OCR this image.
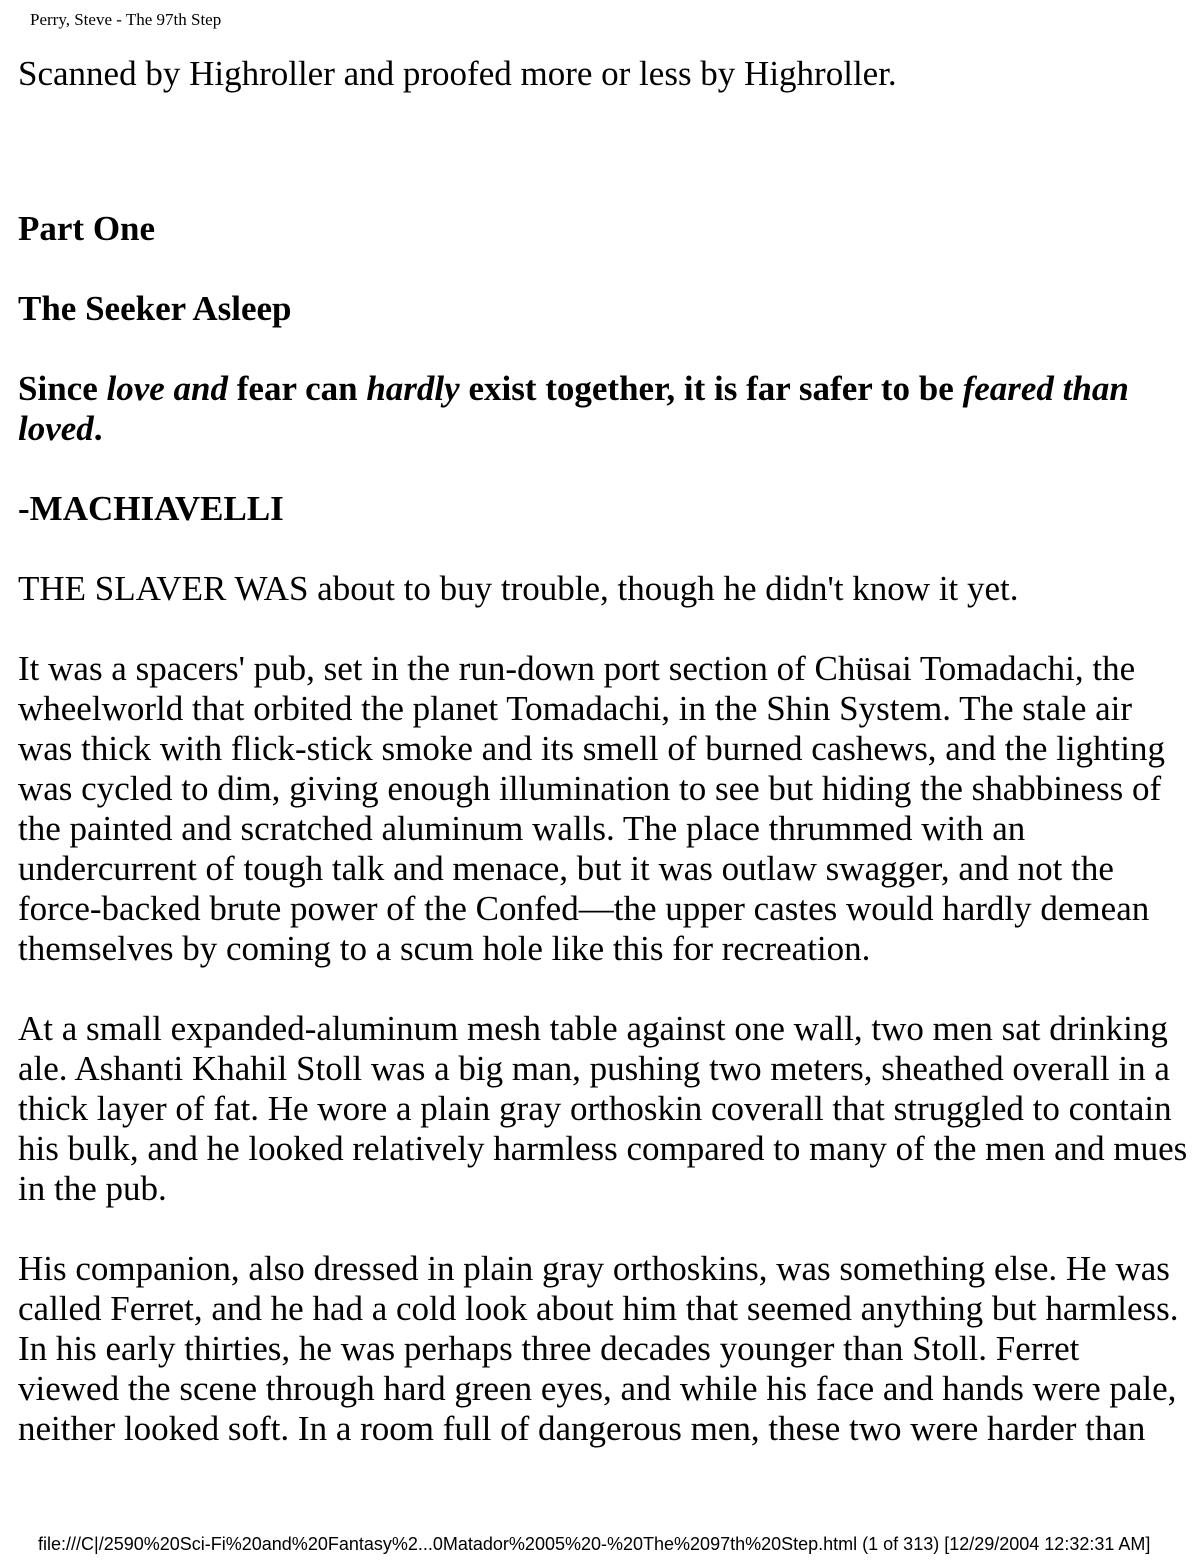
Perry, Steve - The 97th Step

Scanned by Highroller and proofed more or less by Highroller.

Part One
The Seeker Asleep

Since love and fear can hardly exist together, it is far safer to be feared than loved.

-MACHIAVELLI

THE SLAVER WAS about to buy trouble, though he didn't know it yet.

It was a spacers' pub, set in the run-down port section of Chüsai Tomadachi, the wheelworld that orbited the planet Tomadachi, in the Shin System. The stale air was thick with flick-stick smoke and its smell of burned cashews, and the lighting was cycled to dim, giving enough illumination to see but hiding the shabbiness of the painted and scratched aluminum walls. The place thrummed with an undercurrent of tough talk and menace, but it was outlaw swagger, and not the force-backed brute power of the Confed—the upper castes would hardly demean themselves by coming to a scum hole like this for recreation.

At a small expanded-aluminum mesh table against one wall, two men sat drinking ale. Ashanti Khahil Stoll was a big man, pushing two meters, sheathed overall in a thick layer of fat. He wore a plain gray orthoskin coverall that struggled to contain his bulk, and he looked relatively harmless compared to many of the men and mues in the pub.

His companion, also dressed in plain gray orthoskins, was something else. He was called Ferret, and he had a cold look about him that seemed anything but harmless. In his early thirties, he was perhaps three decades younger than Stoll. Ferret viewed the scene through hard green eyes, and while his face and hands were pale, neither looked soft. In a room full of dangerous men, these two were harder than

file:///C|/2590%20Sci-Fi%20and%20Fantasy%2...0Matador%2005%20-%20The%2097th%20Step.html (1 of 313) [12/29/2004 12:32:31 AM]
